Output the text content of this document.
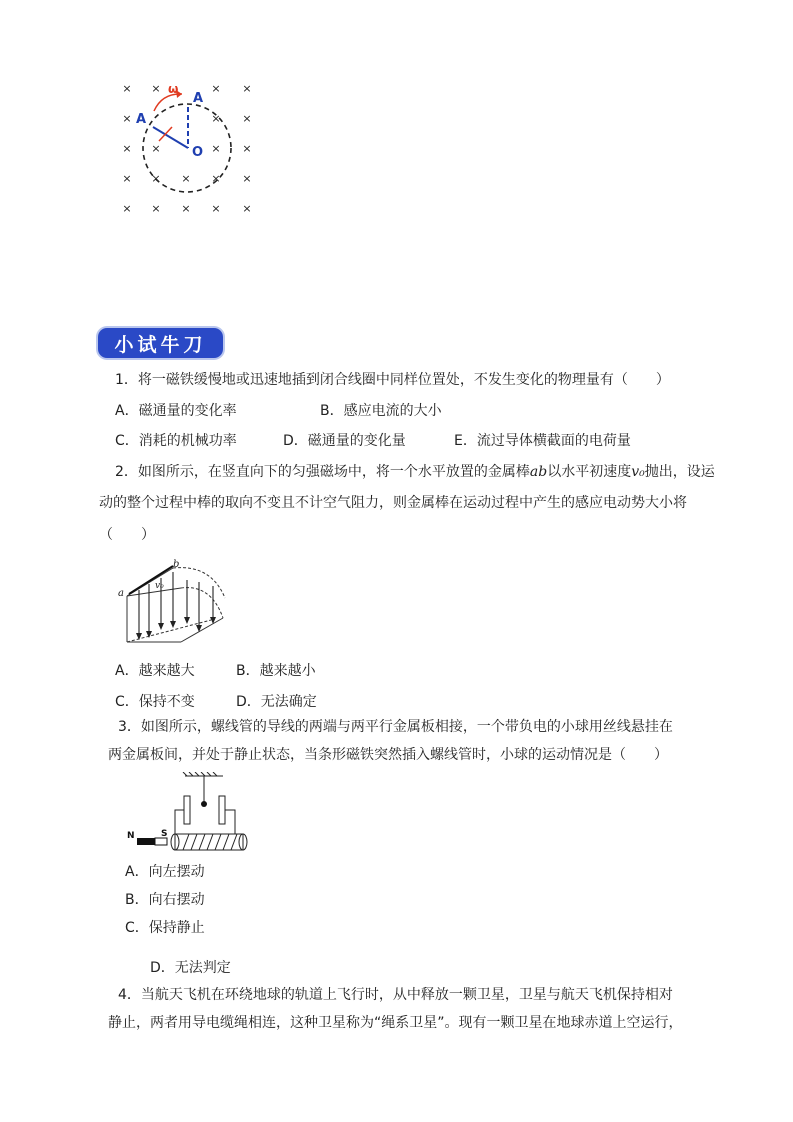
× ×	× ×
×	× ×
× ×	× ×
× × × × ×
× × × × ×
ω
A
A
O
小试牛刀
1．将一磁铁缓慢地或迅速地插到闭合线圈中同样位置处，不发生变化的物理量有（　　）
A．磁通量的变化率	B．感应电流的大小
C．消耗的机械功率	D．磁通量的变化量	E．流过导体横截面的电荷量
2．如图所示，在竖直向下的匀强磁场中，将一个水平放置的金属棒ab以水平初速度v₀抛出，设运
动的整个过程中棒的取向不变且不计空气阻力，则金属棒在运动过程中产生的感应电动势大小将
（　　）
a
b
v₀
A．越来越大	B．越来越小
C．保持不变	D．无法确定
3．如图所示，螺线管的导线的两端与两平行金属板相接，一个带负电的小球用丝线悬挂在
两金属板间，并处于静止状态，当条形磁铁突然插入螺线管时，小球的运动情况是（　　）
N	S
A．向左摆动
B．向右摆动
C．保持静止
D．无法判定
4．当航天飞机在环绕地球的轨道上飞行时，从中释放一颗卫星，卫星与航天飞机保持相对
静止，两者用导电缆绳相连，这种卫星称为“绳系卫星”。现有一颗卫星在地球赤道上空运行，
